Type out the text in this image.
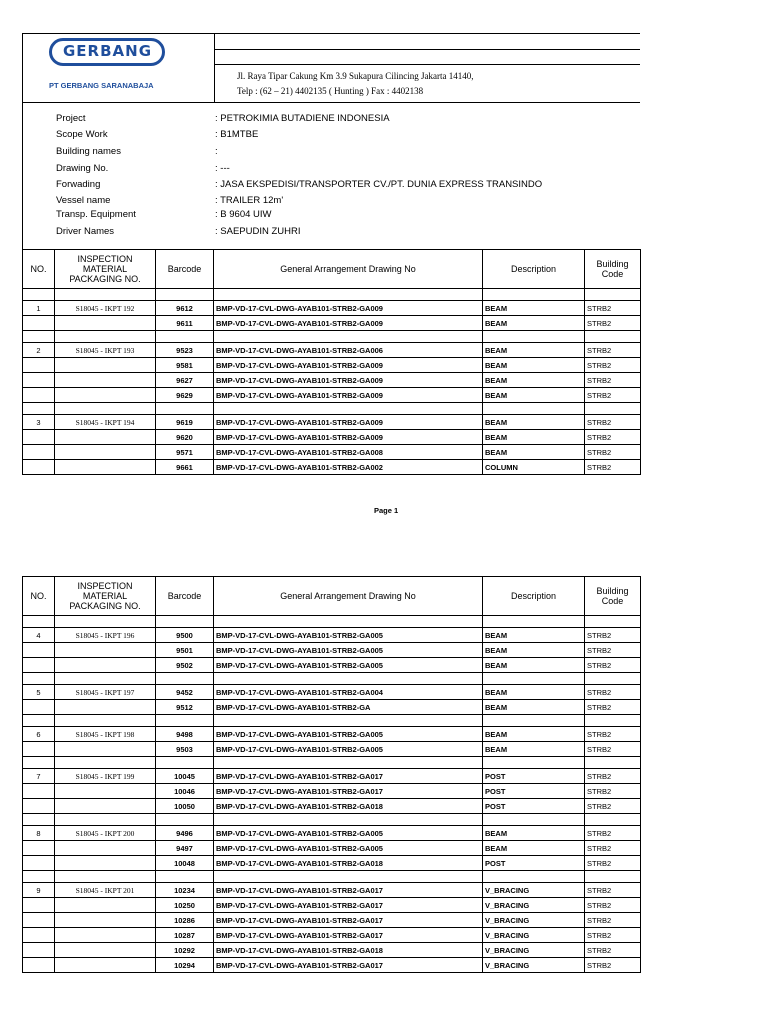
GERBANG
PT GERBANG SARANABAJA
Jl. Raya Tipar Cakung Km 3.9 Sukapura Cilincing Jakarta 14140,
Telp : (62 – 21) 4402135 ( Hunting ) Fax : 4402138
Project	: PETROKIMIA BUTADIENE INDONESIA
Scope Work	: B1MTBE
Building names	:
Drawing No.	: ---
Forwading	: JASA EKSPEDISI/TRANSPORTER CV./PT. DUNIA EXPRESS TRANSINDO
Vessel name	: TRAILER 12m'
Transp. Equipment	: B 9604 UIW
Driver Names	: SAEPUDIN ZUHRI
NO.	INSPECTION MATERIAL PACKAGING NO.	Barcode	General Arrangement Drawing No	Description	Building Code

1	S18045 - IKPT 192	9612	BMP-VD-17-CVL-DWG-AYAB101-STRB2-GA009	BEAM	STRB2
		9611	BMP-VD-17-CVL-DWG-AYAB101-STRB2-GA009	BEAM	STRB2

2	S18045 - IKPT 193	9523	BMP-VD-17-CVL-DWG-AYAB101-STRB2-GA006	BEAM	STRB2
		9581	BMP-VD-17-CVL-DWG-AYAB101-STRB2-GA009	BEAM	STRB2
		9627	BMP-VD-17-CVL-DWG-AYAB101-STRB2-GA009	BEAM	STRB2
		9629	BMP-VD-17-CVL-DWG-AYAB101-STRB2-GA009	BEAM	STRB2

3	S18045 - IKPT 194	9619	BMP-VD-17-CVL-DWG-AYAB101-STRB2-GA009	BEAM	STRB2
		9620	BMP-VD-17-CVL-DWG-AYAB101-STRB2-GA009	BEAM	STRB2
		9571	BMP-VD-17-CVL-DWG-AYAB101-STRB2-GA008	BEAM	STRB2
		9661	BMP-VD-17-CVL-DWG-AYAB101-STRB2-GA002	COLUMN	STRB2
Page 1
NO.	INSPECTION MATERIAL PACKAGING NO.	Barcode	General Arrangement Drawing No	Description	Building Code

4	S18045 - IKPT 196	9500	BMP-VD-17-CVL-DWG-AYAB101-STRB2-GA005	BEAM	STRB2
		9501	BMP-VD-17-CVL-DWG-AYAB101-STRB2-GA005	BEAM	STRB2
		9502	BMP-VD-17-CVL-DWG-AYAB101-STRB2-GA005	BEAM	STRB2

5	S18045 - IKPT 197	9452	BMP-VD-17-CVL-DWG-AYAB101-STRB2-GA004	BEAM	STRB2
		9512	BMP-VD-17-CVL-DWG-AYAB101-STRB2-GA	BEAM	STRB2

6	S18045 - IKPT 198	9498	BMP-VD-17-CVL-DWG-AYAB101-STRB2-GA005	BEAM	STRB2
		9503	BMP-VD-17-CVL-DWG-AYAB101-STRB2-GA005	BEAM	STRB2

7	S18045 - IKPT 199	10045	BMP-VD-17-CVL-DWG-AYAB101-STRB2-GA017	POST	STRB2
		10046	BMP-VD-17-CVL-DWG-AYAB101-STRB2-GA017	POST	STRB2
		10050	BMP-VD-17-CVL-DWG-AYAB101-STRB2-GA018	POST	STRB2

8	S18045 - IKPT 200	9496	BMP-VD-17-CVL-DWG-AYAB101-STRB2-GA005	BEAM	STRB2
		9497	BMP-VD-17-CVL-DWG-AYAB101-STRB2-GA005	BEAM	STRB2
		10048	BMP-VD-17-CVL-DWG-AYAB101-STRB2-GA018	POST	STRB2

9	S18045 - IKPT 201	10234	BMP-VD-17-CVL-DWG-AYAB101-STRB2-GA017	V_BRACING	STRB2
		10250	BMP-VD-17-CVL-DWG-AYAB101-STRB2-GA017	V_BRACING	STRB2
		10286	BMP-VD-17-CVL-DWG-AYAB101-STRB2-GA017	V_BRACING	STRB2
		10287	BMP-VD-17-CVL-DWG-AYAB101-STRB2-GA017	V_BRACING	STRB2
		10292	BMP-VD-17-CVL-DWG-AYAB101-STRB2-GA018	V_BRACING	STRB2
		10294	BMP-VD-17-CVL-DWG-AYAB101-STRB2-GA017	V_BRACING	STRB2
